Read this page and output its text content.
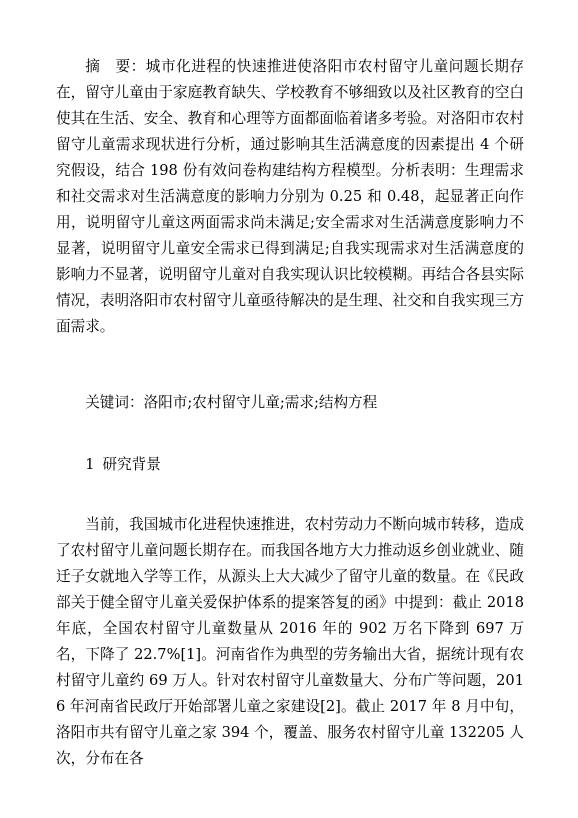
摘　要：城市化进程的快速推进使洛阳市农村留守儿童问题长期存在，留守儿童由于家庭教育缺失、学校教育不够细致以及社区教育的空白使其在生活、安全、教育和心理等方面都面临着诸多考验。对洛阳市农村留守儿童需求现状进行分析，通过影响其生活满意度的因素提出 4 个研究假设，结合 198 份有效问卷构建结构方程模型。分析表明：生理需求和社交需求对生活满意度的影响力分别为 0.25 和 0.48，起显著正向作用，说明留守儿童这两面需求尚未满足;安全需求对生活满意度影响力不显著，说明留守儿童安全需求已得到满足;自我实现需求对生活满意度的影响力不显著，说明留守儿童对自我实现认识比较模糊。再结合各县实际情况，表明洛阳市农村留守儿童亟待解决的是生理、社交和自我实现三方面需求。

关键词：洛阳市;农村留守儿童;需求;结构方程

1 研究背景

当前，我国城市化进程快速推进，农村劳动力不断向城市转移，造成了农村留守儿童问题长期存在。而我国各地方大力推动返乡创业就业、随迁子女就地入学等工作，从源头上大大减少了留守儿童的数量。在《民政部关于健全留守儿童关爱保护体系的提案答复的函》中提到：截止 2018 年底，全国农村留守儿童数量从 2016 年的 902 万名下降到 697 万名，下降了 22.7%[1]。河南省作为典型的劳务输出大省，据统计现有农村留守儿童约 69 万人。针对农村留守儿童数量大、分布广等问题，2016 年河南省民政厅开始部署儿童之家建设[2]。截止 2017 年 8 月中旬，洛阳市共有留守儿童之家 394 个，覆盖、服务农村留守儿童 132205 人次，分布在各
